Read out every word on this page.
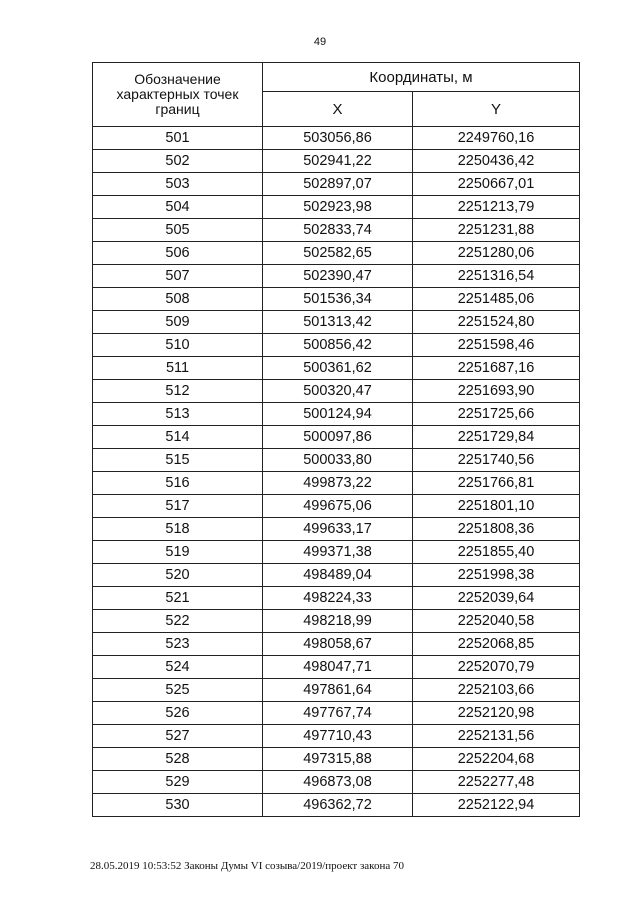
49
Обозначение характерных точек границ	Координаты, м	
	X	Y
501	503056,86	2249760,16
502	502941,22	2250436,42
503	502897,07	2250667,01
504	502923,98	2251213,79
505	502833,74	2251231,88
506	502582,65	2251280,06
507	502390,47	2251316,54
508	501536,34	2251485,06
509	501313,42	2251524,80
510	500856,42	2251598,46
511	500361,62	2251687,16
512	500320,47	2251693,90
513	500124,94	2251725,66
514	500097,86	2251729,84
515	500033,80	2251740,56
516	499873,22	2251766,81
517	499675,06	2251801,10
518	499633,17	2251808,36
519	499371,38	2251855,40
520	498489,04	2251998,38
521	498224,33	2252039,64
522	498218,99	2252040,58
523	498058,67	2252068,85
524	498047,71	2252070,79
525	497861,64	2252103,66
526	497767,74	2252120,98
527	497710,43	2252131,56
528	497315,88	2252204,68
529	496873,08	2252277,48
530	496362,72	2252122,94
28.05.2019 10:53:52 Законы Думы VI созыва/2019/проект закона 70
